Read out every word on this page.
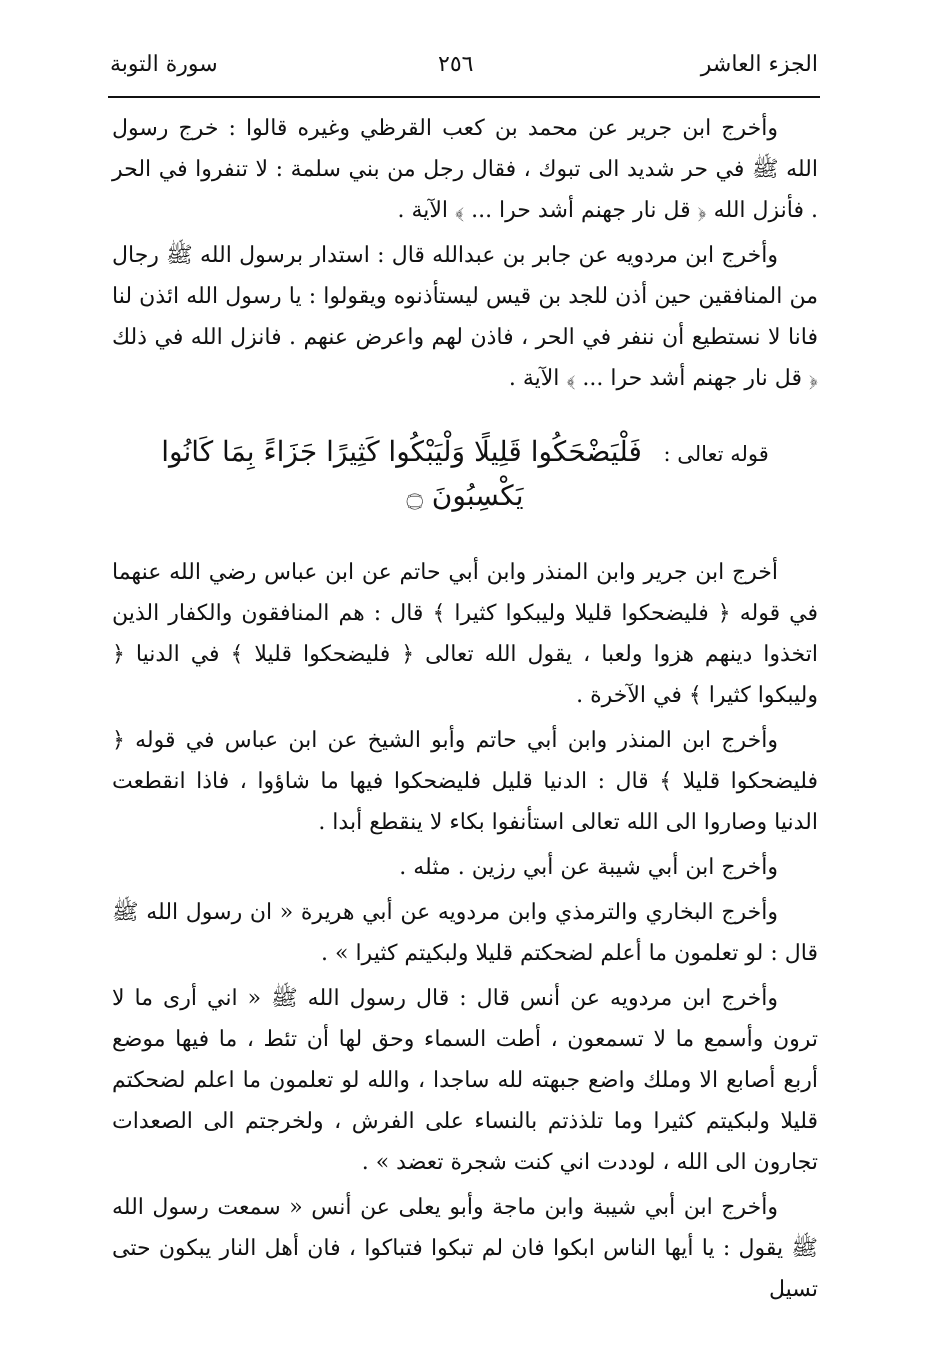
الجزء العاشر
٢٥٦
سورة التوبة

وأخرج ابن جرير عن محمد بن كعب القرظي وغيره قالوا : خرج رسول الله ﷺ في حر شديد الى تبوك ، فقال رجل من بني سلمة : لا تنفروا في الحر . فأنزل الله ﴿ قل نار جهنم أشد حرا ... ﴾ الآية .

وأخرج ابن مردويه عن جابر بن عبدالله قال : استدار برسول الله ﷺ رجال من المنافقين حين أذن للجد بن قيس ليستأذنوه ويقولوا : يا رسول الله ائذن لنا فانا لا نستطيع أن ننفر في الحر ، فاذن لهم واعرض عنهم . فانزل الله في ذلك ﴿ قل نار جهنم أشد حرا ... ﴾ الآية .

قوله تعالى : فَلْيَضْحَكُوا قَلِيلًا وَلْيَبْكُوا كَثِيرًا جَزَاءً بِمَا كَانُوا يَكْسِبُونَ ۝

أخرج ابن جرير وابن المنذر وابن أبي حاتم عن ابن عباس رضي الله عنهما في قوله ﴿ فليضحكوا قليلا وليبكوا كثيرا ﴾ قال : هم المنافقون والكفار الذين اتخذوا دينهم هزوا ولعبا ، يقول الله تعالى ﴿ فليضحكوا قليلا ﴾ في الدنيا ﴿ وليبكوا كثيرا ﴾ في الآخرة .

وأخرج ابن المنذر وابن أبي حاتم وأبو الشيخ عن ابن عباس في قوله ﴿ فليضحكوا قليلا ﴾ قال : الدنيا قليل فليضحكوا فيها ما شاؤوا ، فاذا انقطعت الدنيا وصاروا الى الله تعالى استأنفوا بكاء لا ينقطع أبدا .

وأخرج ابن أبي شيبة عن أبي رزين . مثله .

وأخرج البخاري والترمذي وابن مردويه عن أبي هريرة « ان رسول الله ﷺ قال : لو تعلمون ما أعلم لضحكتم قليلا ولبكيتم كثيرا » .

وأخرج ابن مردويه عن أنس قال : قال رسول الله ﷺ « اني أرى ما لا ترون وأسمع ما لا تسمعون ، أطت السماء وحق لها أن تئط ، ما فيها موضع أربع أصابع الا وملك واضع جبهته لله ساجدا ، والله لو تعلمون ما اعلم لضحكتم قليلا ولبكيتم كثيرا وما تلذذتم بالنساء على الفرش ، ولخرجتم الى الصعدات تجارون الى الله ، لوددت اني كنت شجرة تعضد » .

وأخرج ابن أبي شيبة وابن ماجة وأبو يعلى عن أنس « سمعت رسول الله ﷺ يقول : يا أيها الناس ابكوا فان لم تبكوا فتباكوا ، فان أهل النار يبكون حتى تسيل
